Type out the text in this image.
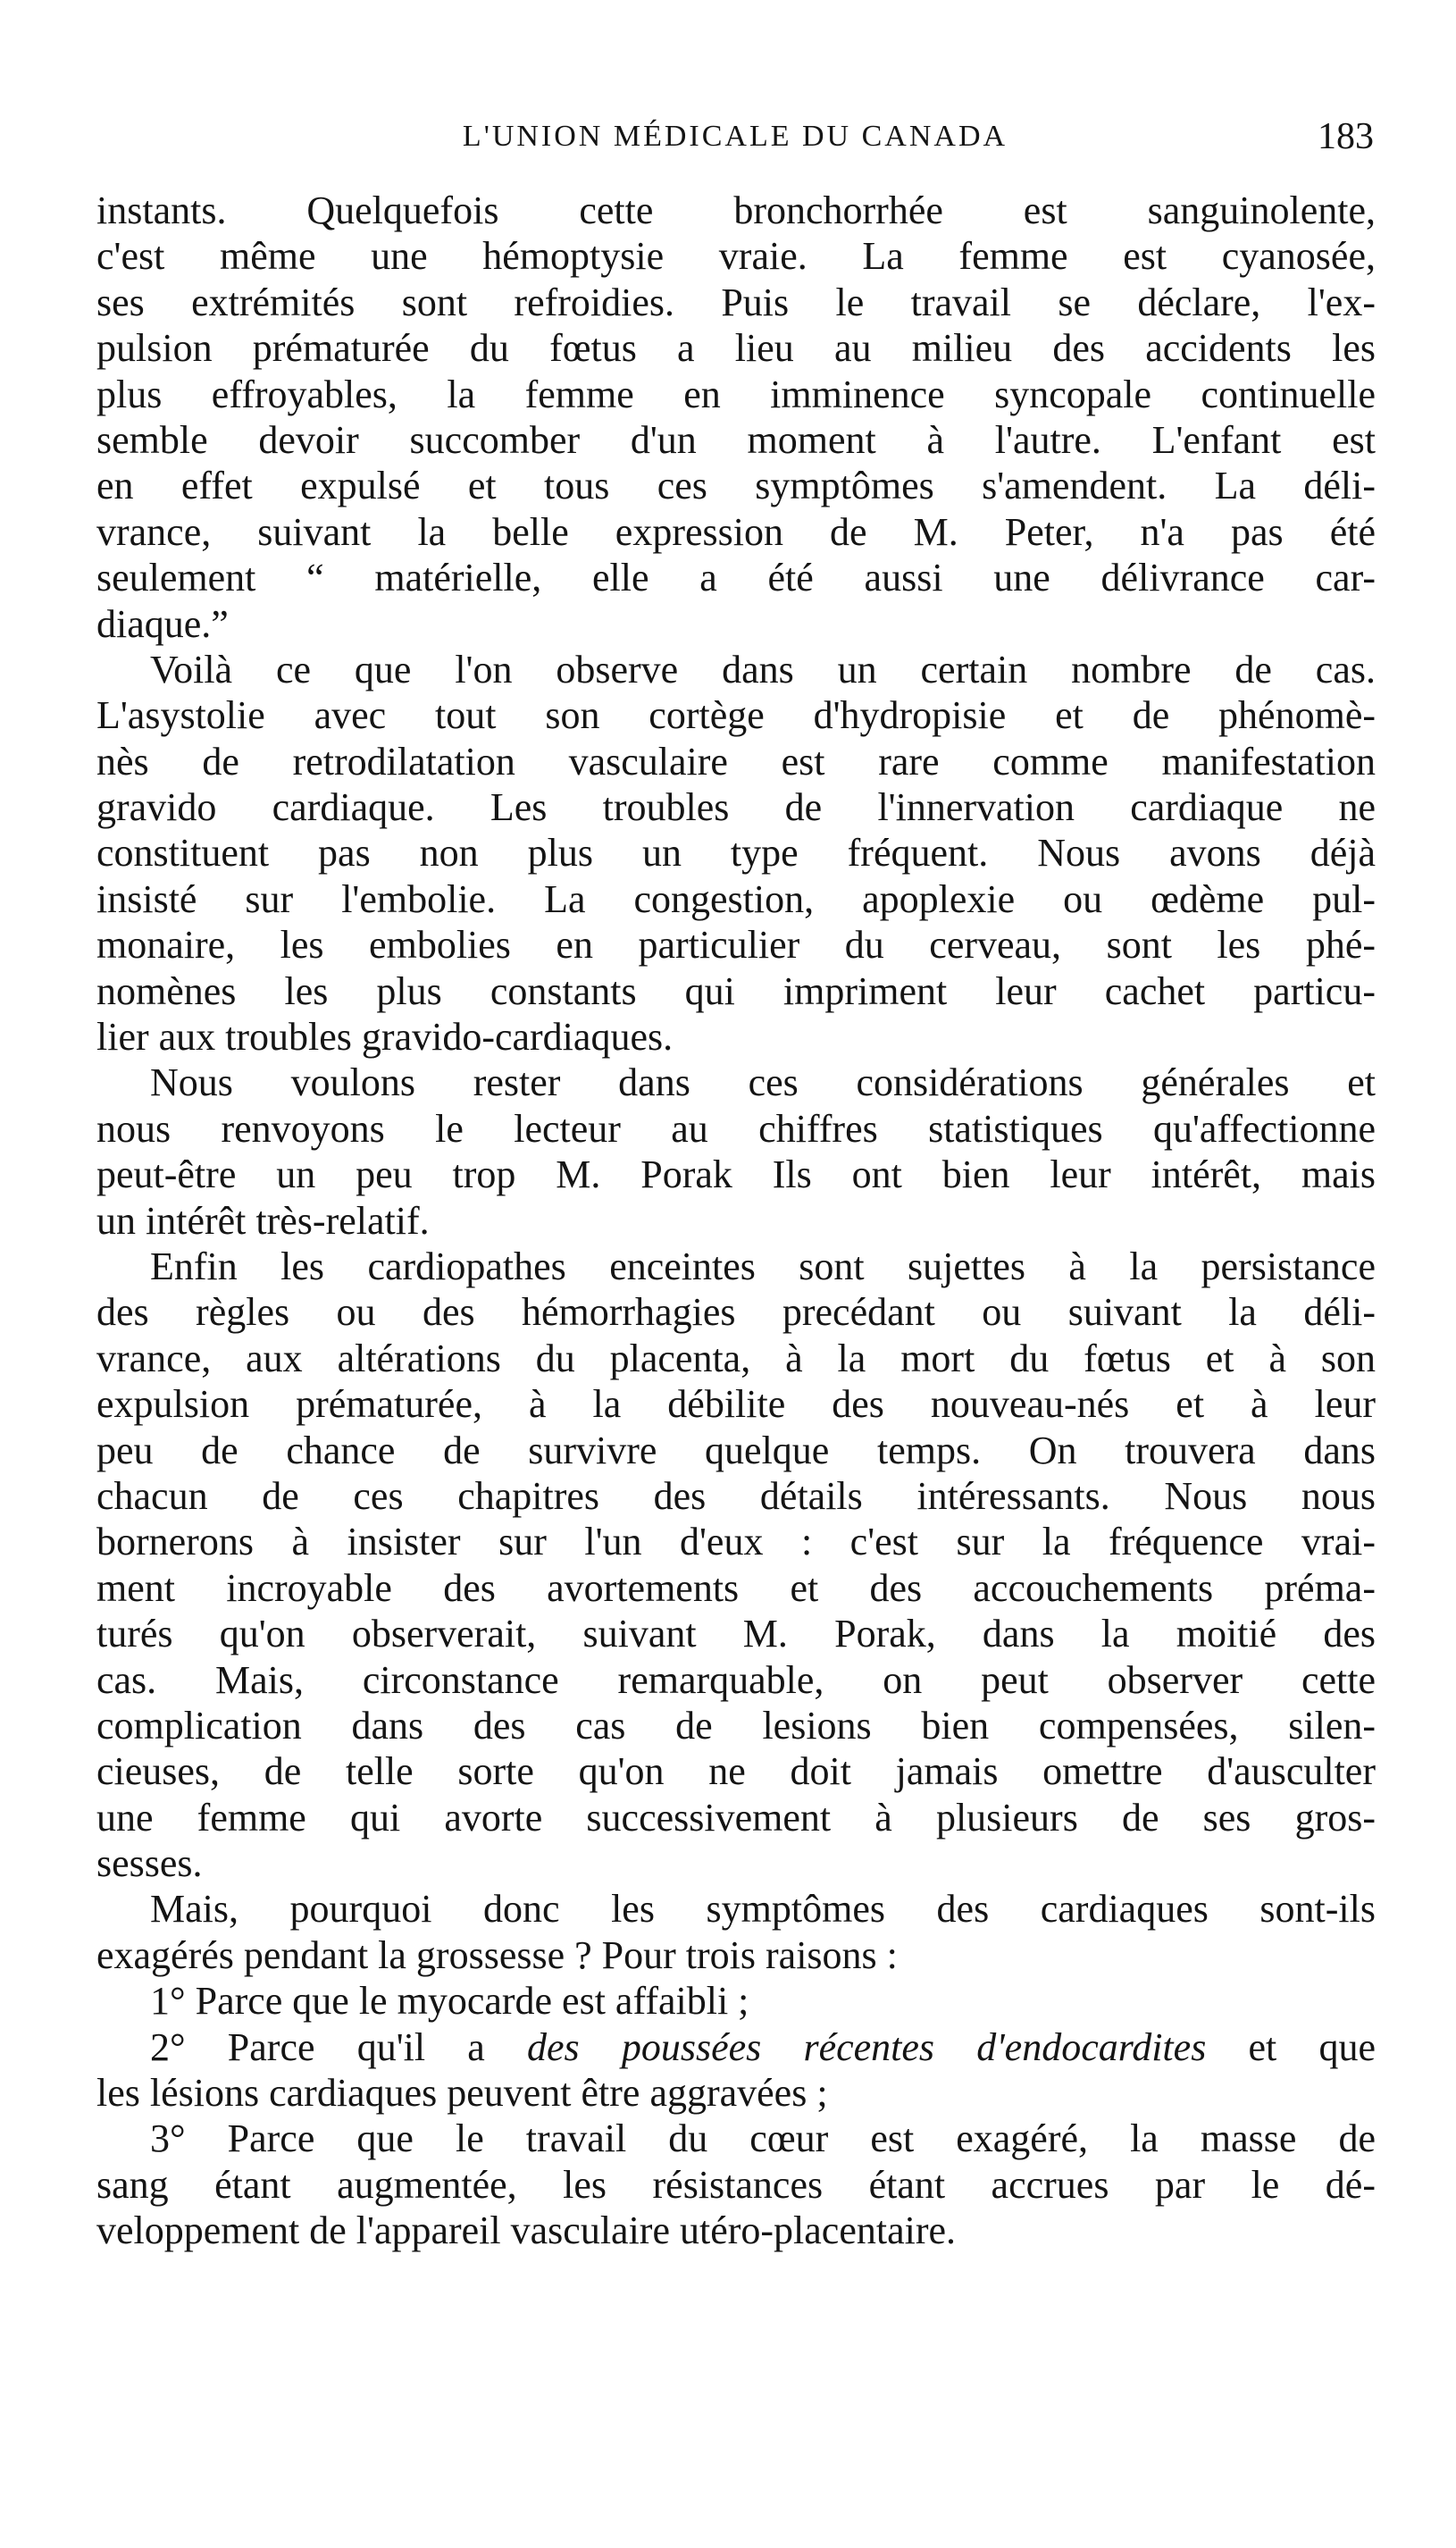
L'UNION MÉDICALE DU CANADA	183
instants. Quelquefois cette bronchorrhée est sanguinolente,
c'est même une hémoptysie vraie. La femme est cyanosée,
ses extrémités sont refroidies. Puis le travail se déclare, l'ex-
pulsion prématurée du fœtus a lieu au milieu des accidents les
plus effroyables, la femme en imminence syncopale continuelle
semble devoir succomber d'un moment à l'autre. L'enfant est
en effet expulsé et tous ces symptômes s'amendent. La déli-
vrance, suivant la belle expression de M. Peter, n'a pas été
seulement “ matérielle, elle a été aussi une délivrance car-
diaque.”
Voilà ce que l'on observe dans un certain nombre de cas.
L'asystolie avec tout son cortège d'hydropisie et de phénomè-
nès de retrodilatation vasculaire est rare comme manifestation
gravido cardiaque. Les troubles de l'innervation cardiaque ne
constituent pas non plus un type fréquent. Nous avons déjà
insisté sur l'embolie. La congestion, apoplexie ou œdème pul-
monaire, les embolies en particulier du cerveau, sont les phé-
nomènes les plus constants qui impriment leur cachet particu-
lier aux troubles gravido-cardiaques.
Nous voulons rester dans ces considérations générales et
nous renvoyons le lecteur au chiffres statistiques qu'affectionne
peut-être un peu trop M. Porak Ils ont bien leur intérêt, mais
un intérêt très-relatif.
Enfin les cardiopathes enceintes sont sujettes à la persistance
des règles ou des hémorrhagies precédant ou suivant la déli-
vrance, aux altérations du placenta, à la mort du fœtus et à son
expulsion prématurée, à la débilite des nouveau-nés et à leur
peu de chance de survivre quelque temps. On trouvera dans
chacun de ces chapitres des détails intéressants. Nous nous
bornerons à insister sur l'un d'eux : c'est sur la fréquence vrai-
ment incroyable des avortements et des accouchements préma-
turés qu'on observerait, suivant M. Porak, dans la moitié des
cas. Mais, circonstance remarquable, on peut observer cette
complication dans des cas de lesions bien compensées, silen-
cieuses, de telle sorte qu'on ne doit jamais omettre d'ausculter
une femme qui avorte successivement à plusieurs de ses gros-
sesses.
Mais, pourquoi donc les symptômes des cardiaques sont-ils
exagérés pendant la grossesse ? Pour trois raisons :
1° Parce que le myocarde est affaibli ;
2° Parce qu'il a des poussées récentes d'endocardites et que
les lésions cardiaques peuvent être aggravées ;
3° Parce que le travail du cœur est exagéré, la masse de
sang étant augmentée, les résistances étant accrues par le dé-
veloppement de l'appareil vasculaire utéro-placentaire.
